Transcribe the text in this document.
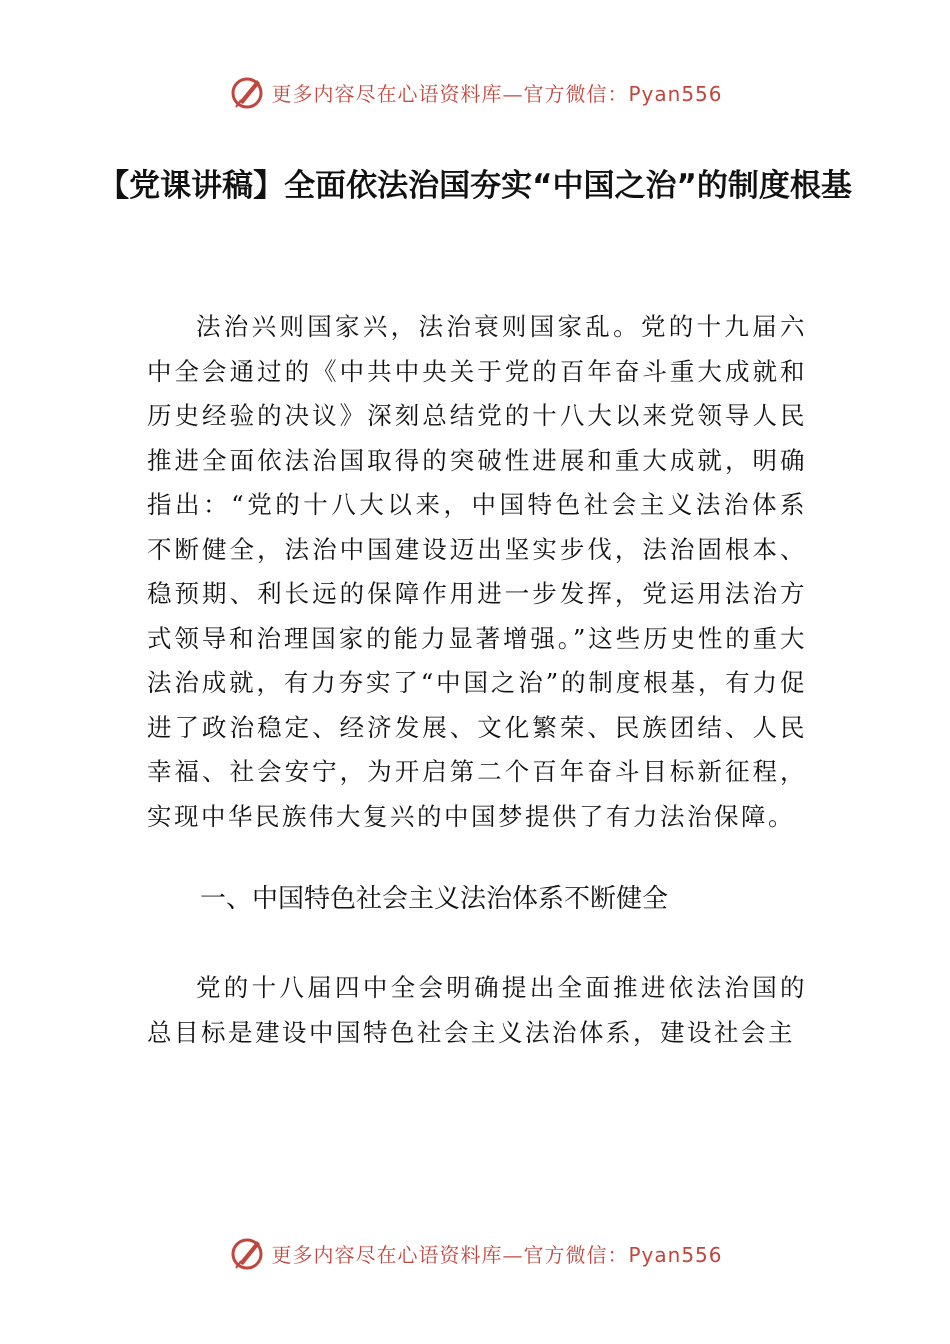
更多内容尽在心语资料库—官方微信：Pyan556
【党课讲稿】全面依法治国夯实“中国之治”的制度根基

法治兴则国家兴，法治衰则国家乱。党的十九届六中全会通过的《中共中央关于党的百年奋斗重大成就和历史经验的决议》深刻总结党的十八大以来党领导人民推进全面依法治国取得的突破性进展和重大成就，明确指出：“党的十八大以来，中国特色社会主义法治体系不断健全，法治中国建设迈出坚实步伐，法治固根本、稳预期、利长远的保障作用进一步发挥，党运用法治方式领导和治理国家的能力显著增强。”这些历史性的重大法治成就，有力夯实了“中国之治”的制度根基，有力促进了政治稳定、经济发展、文化繁荣、民族团结、人民幸福、社会安宁，为开启第二个百年奋斗目标新征程，实现中华民族伟大复兴的中国梦提供了有力法治保障。

一、中国特色社会主义法治体系不断健全

党的十八届四中全会明确提出全面推进依法治国的总目标是建设中国特色社会主义法治体系，建设社会主

更多内容尽在心语资料库—官方微信：Pyan556
